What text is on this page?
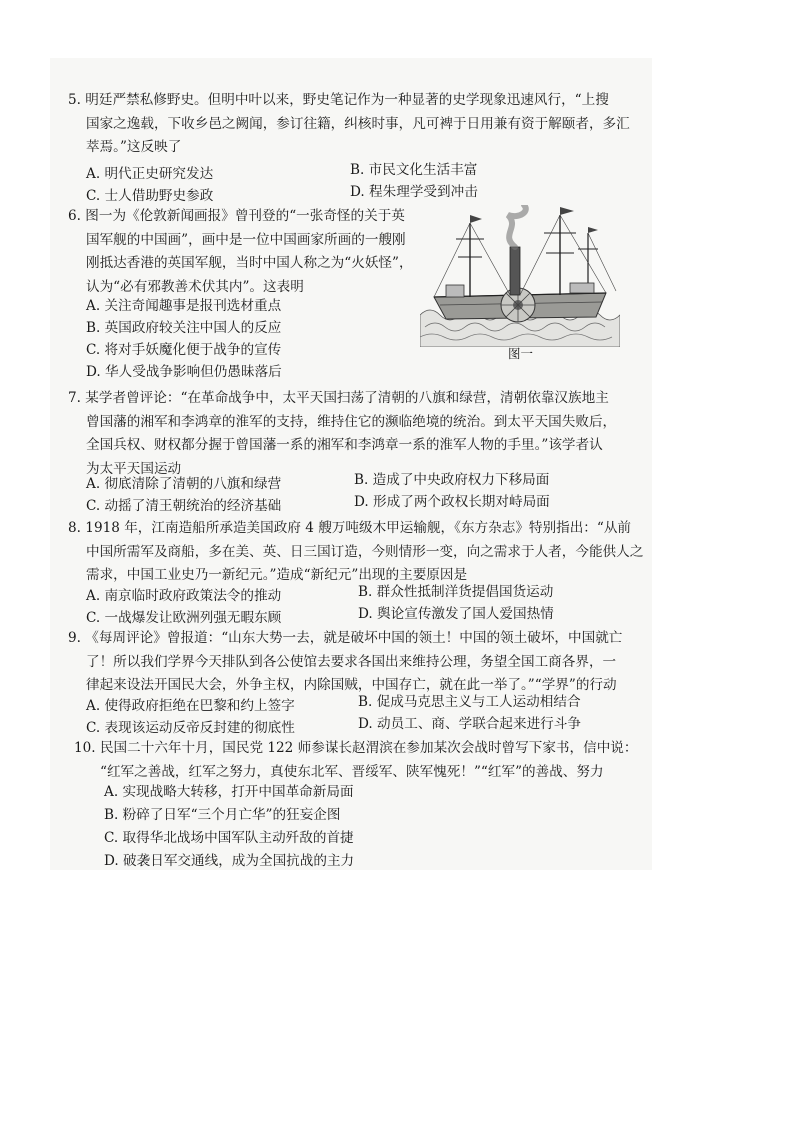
5. 明廷严禁私修野史。但明中叶以来，野史笔记作为一种显著的史学现象迅速风行，“上搜
国家之逸载，下收乡邑之阙闻，参订往籍，纠核时事，凡可裨于日用兼有资于解颐者，多汇
萃焉。”这反映了
A. 明代正史研究发达	B. 市民文化生活丰富
C. 士人借助野史参政	D. 程朱理学受到冲击
6. 图一为《伦敦新闻画报》曾刊登的“一张奇怪的关于英
国军舰的中国画”，画中是一位中国画家所画的一艘刚
刚抵达香港的英国军舰，当时中国人称之为“火妖怪”，
认为“必有邪教善术伏其内”。这表明
A. 关注奇闻趣事是报刊选材重点
B. 英国政府较关注中国人的反应
C. 将对手妖魔化便于战争的宣传
D. 华人受战争影响但仍愚昧落后
图一
7. 某学者曾评论：“在革命战争中，太平天国扫荡了清朝的八旗和绿营，清朝依靠汉族地主
曾国藩的湘军和李鸿章的淮军的支持，维持住它的濒临绝境的统治。到太平天国失败后，
全国兵权、财权都分握于曾国藩一系的湘军和李鸿章一系的淮军人物的手里。”该学者认
为太平天国运动
A. 彻底清除了清朝的八旗和绿营	B. 造成了中央政府权力下移局面
C. 动摇了清王朝统治的经济基础	D. 形成了两个政权长期对峙局面
8. 1918 年，江南造船所承造美国政府 4 艘万吨级木甲运输舰，《东方杂志》特别指出：“从前
中国所需军及商船，多在美、英、日三国订造，今则情形一变，向之需求于人者，今能供人之
需求，中国工业史乃一新纪元。”造成“新纪元”出现的主要原因是
A. 南京临时政府政策法令的推动	B. 群众性抵制洋货提倡国货运动
C. 一战爆发让欧洲列强无暇东顾	D. 舆论宣传激发了国人爱国热情
9. 《每周评论》曾报道：“山东大势一去，就是破坏中国的领土！中国的领土破坏，中国就亡
了！所以我们学界今天排队到各公使馆去要求各国出来维持公理，务望全国工商各界，一
律起来设法开国民大会，外争主权，内除国贼，中国存亡，就在此一举了。”“学界”的行动
A. 使得政府拒绝在巴黎和约上签字	B. 促成马克思主义与工人运动相结合
C. 表现该运动反帝反封建的彻底性	D. 动员工、商、学联合起来进行斗争
10. 民国二十六年十月，国民党 122 师参谋长赵渭滨在参加某次会战时曾写下家书，信中说：
“红军之善战，红军之努力，真使东北军、晋绥军、陕军愧死！”“红军”的善战、努力
A. 实现战略大转移，打开中国革命新局面
B. 粉碎了日军“三个月亡华”的狂妄企图
C. 取得华北战场中国军队主动歼敌的首捷
D. 破袭日军交通线，成为全国抗战的主力
